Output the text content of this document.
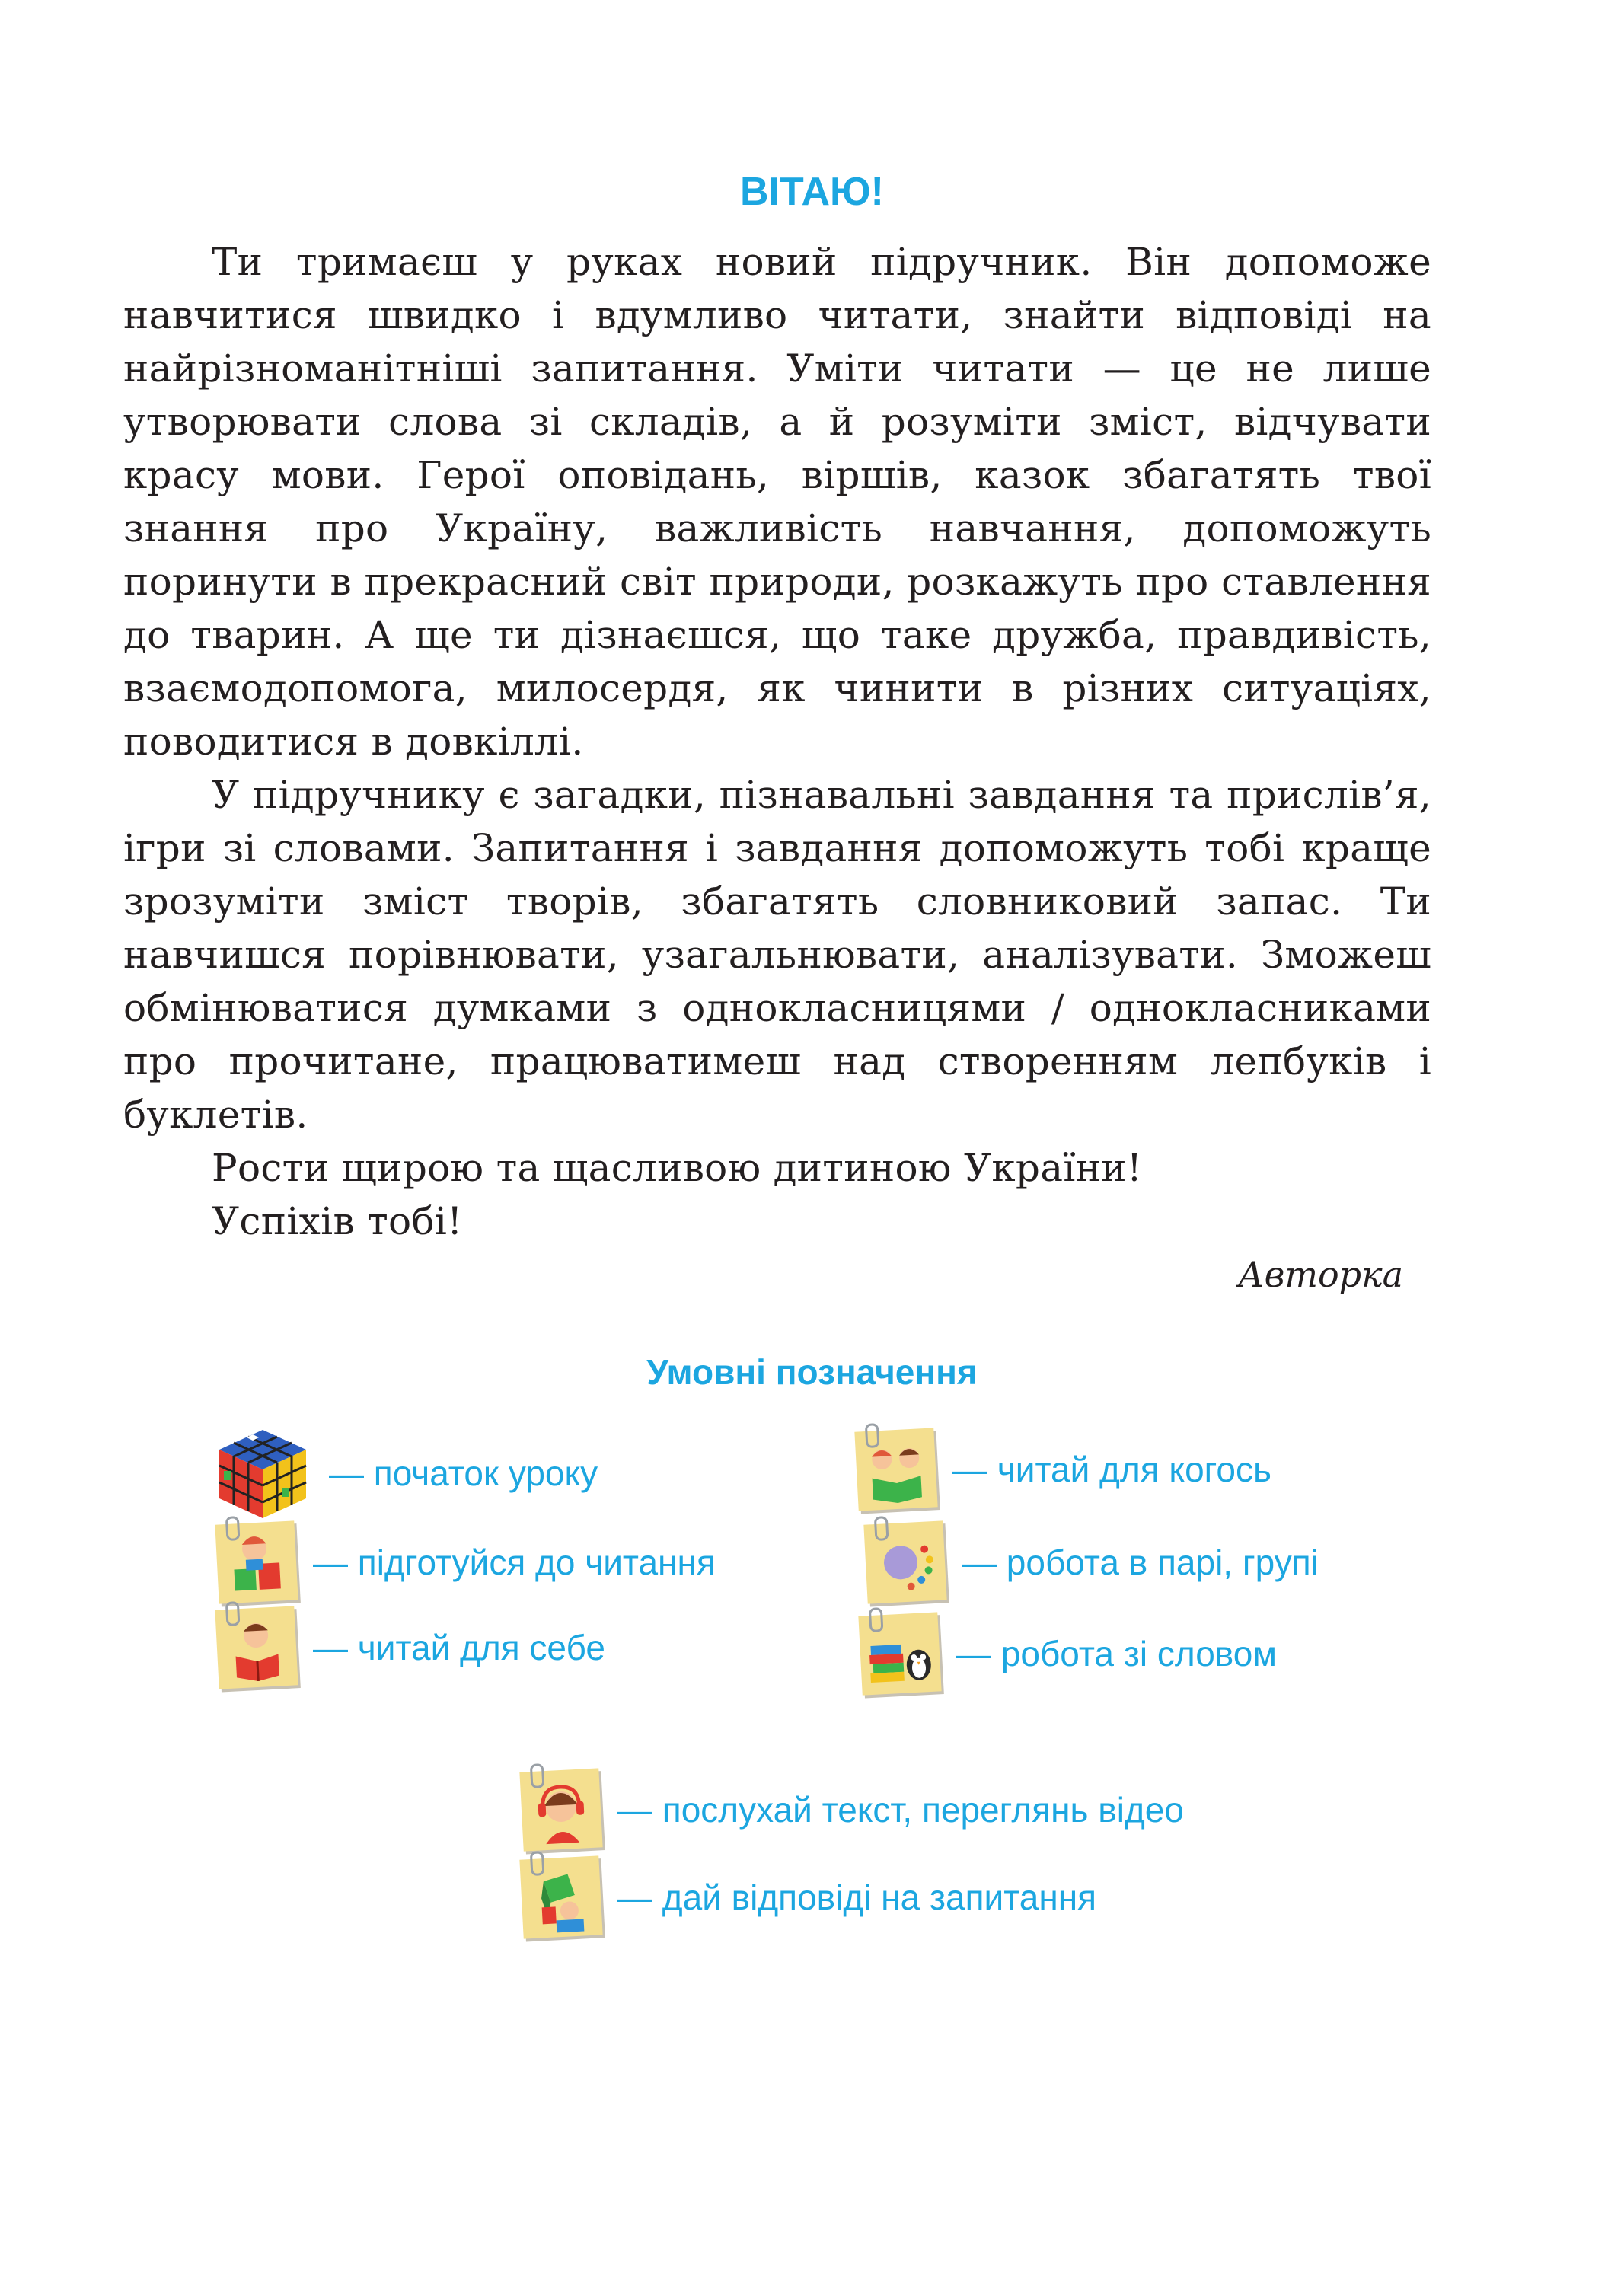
ВІТАЮ!

Ти тримаєш у руках новий підручник. Він допоможе навчитися швидко і вдумливо читати, знайти відповіді на найрізноманітніші запитання. Уміти читати — це не лише утворювати слова зі складів, а й розуміти зміст, відчувати красу мови. Герої оповідань, віршів, казок збагатять твої знання про Україну, важливість навчання, допоможуть поринути в прекрасний світ природи, розкажуть про ставлення до тварин. А ще ти дізнаєшся, що таке дружба, правдивість, взаємодопомога, милосердя, як чинити в різних ситуаціях, поводитися в довкіллі.

У підручнику є загадки, пізнавальні завдання та прислів’я, ігри зі словами. Запитання і завдання допоможуть тобі краще зрозуміти зміст творів, збагатять словниковий запас. Ти навчишся порівнювати, узагальнювати, аналізувати. Зможеш обмінюватися думками з однокласницями / однокласниками про прочитане, працюватимеш над створенням лепбуків і буклетів.

Рости щирою та щасливою дитиною України!

Успіхів тобі!

Авторка
Умовні позначення
— початок уроку
— підготуйся до читання
— читай для себе
— читай для когось
— робота в парі, групі
— робота зі словом
— послухай текст, переглянь відео
— дай відповіді на запитання
